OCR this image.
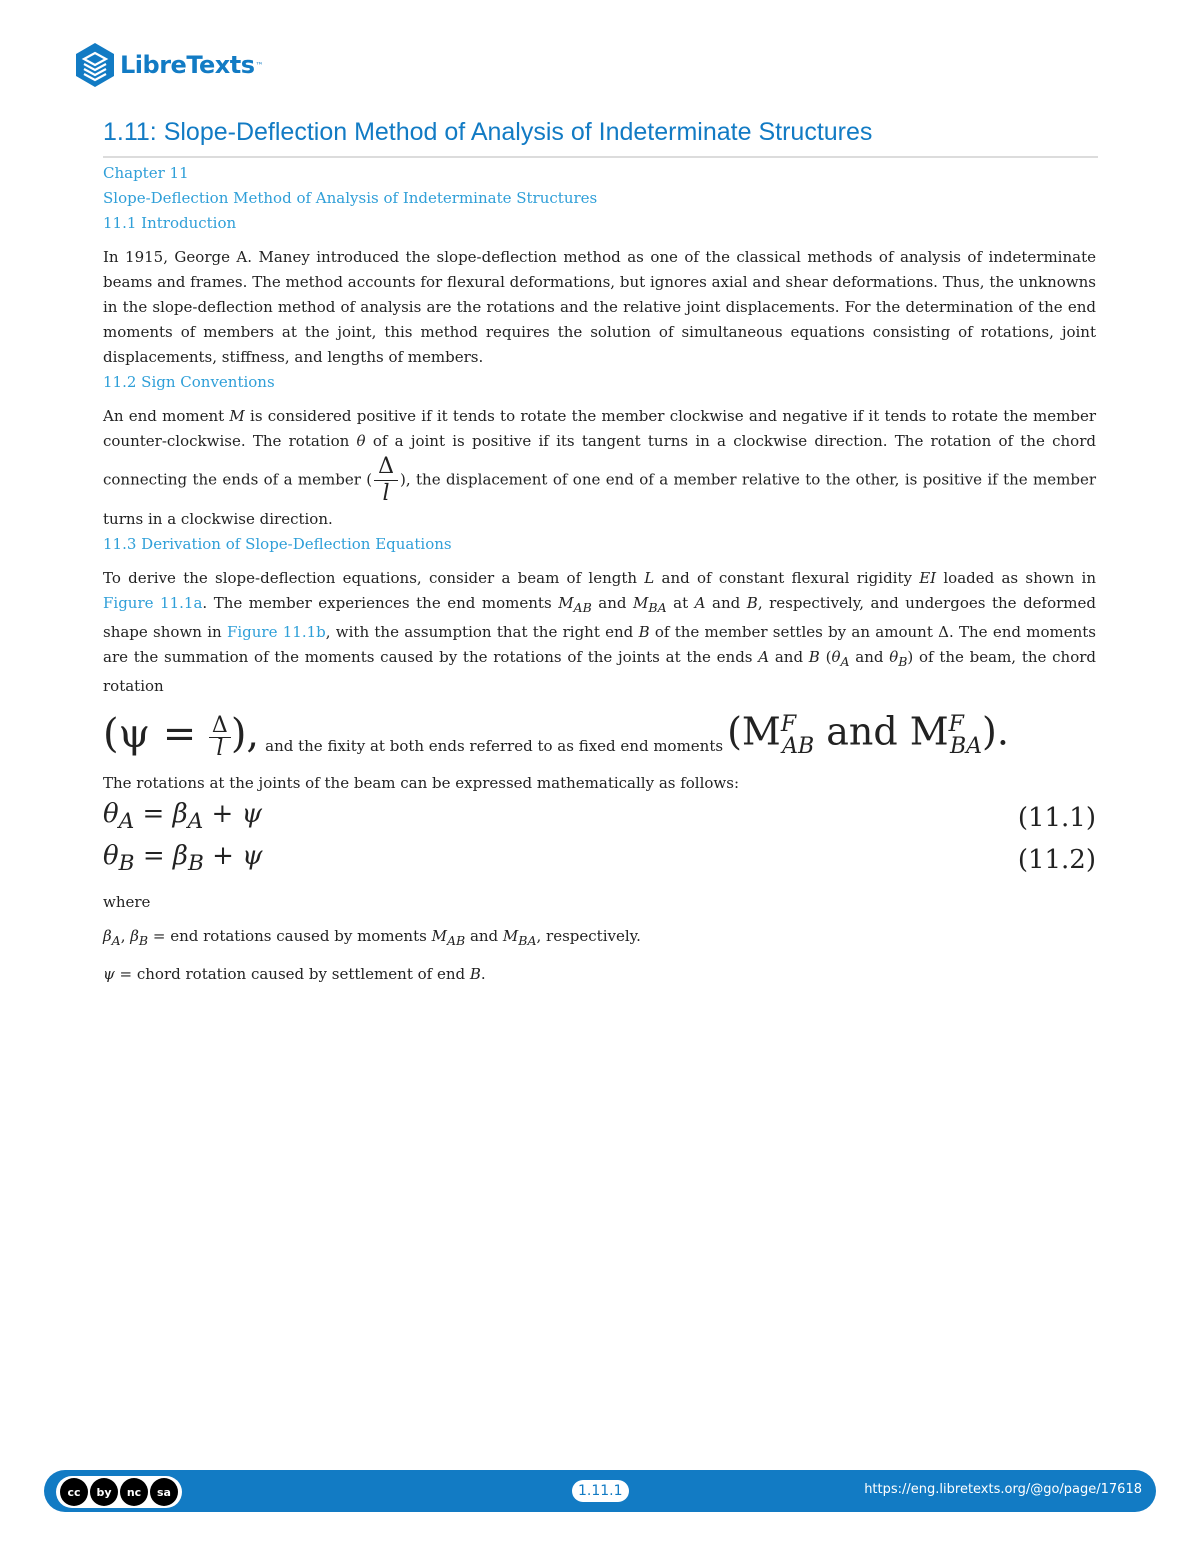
LibreTexts ™
1.11: Slope-Deflection Method of Analysis of Indeterminate Structures

Chapter 11

Slope-Deflection Method of Analysis of Indeterminate Structures

11.1 Introduction

In 1915, George A. Maney introduced the slope-deflection method as one of the classical methods of analysis of indeterminate beams and frames. The method accounts for flexural deformations, but ignores axial and shear deformations. Thus, the unknowns in the slope-deflection method of analysis are the rotations and the relative joint displacements. For the determination of the end moments of members at the joint, this method requires the solution of simultaneous equations consisting of rotations, joint displacements, stiffness, and lengths of members.

11.2 Sign Conventions

An end moment M is considered positive if it tends to rotate the member clockwise and negative if it tends to rotate the member counter-clockwise. The rotation θ of a joint is positive if its tangent turns in a clockwise direction. The rotation of the chord connecting the ends of a member ( $\frac{\Delta}{l}$ ), the displacement of one end of a member relative to the other, is positive if the member turns in a clockwise direction.

11.3 Derivation of Slope-Deflection Equations

To derive the slope-deflection equations, consider a beam of length L and of constant flexural rigidity EI loaded as shown in Figure 11.1a. The member experiences the end moments $M_{AB}$ and $M_{BA}$ at A and B, respectively, and undergoes the deformed shape shown in Figure 11.1b, with the assumption that the right end B of the member settles by an amount Δ. The end moments are the summation of the moments caused by the rotations of the joints at the ends A and B ($\theta_A$ and $\theta_B$) of the beam, the chord rotation

($\psi = \frac{\Delta}{l}$ ), and the fixity at both ends referred to as fixed end moments ($M^F_{AB}$ and $M^F_{BA}$).

The rotations at the joints of the beam can be expressed mathematically as follows:

$\theta_A = \beta_A + \psi$	(11.1)
$\theta_B = \beta_B + \psi$	(11.2)

where

$\beta_A$, $\beta_B$ = end rotations caused by moments $M_{AB}$ and $M_{BA}$, respectively.

ψ = chord rotation caused by settlement of end B.

cc	by	nc	sa	1.11.1	https://eng.libretexts.org/@go/page/17618
